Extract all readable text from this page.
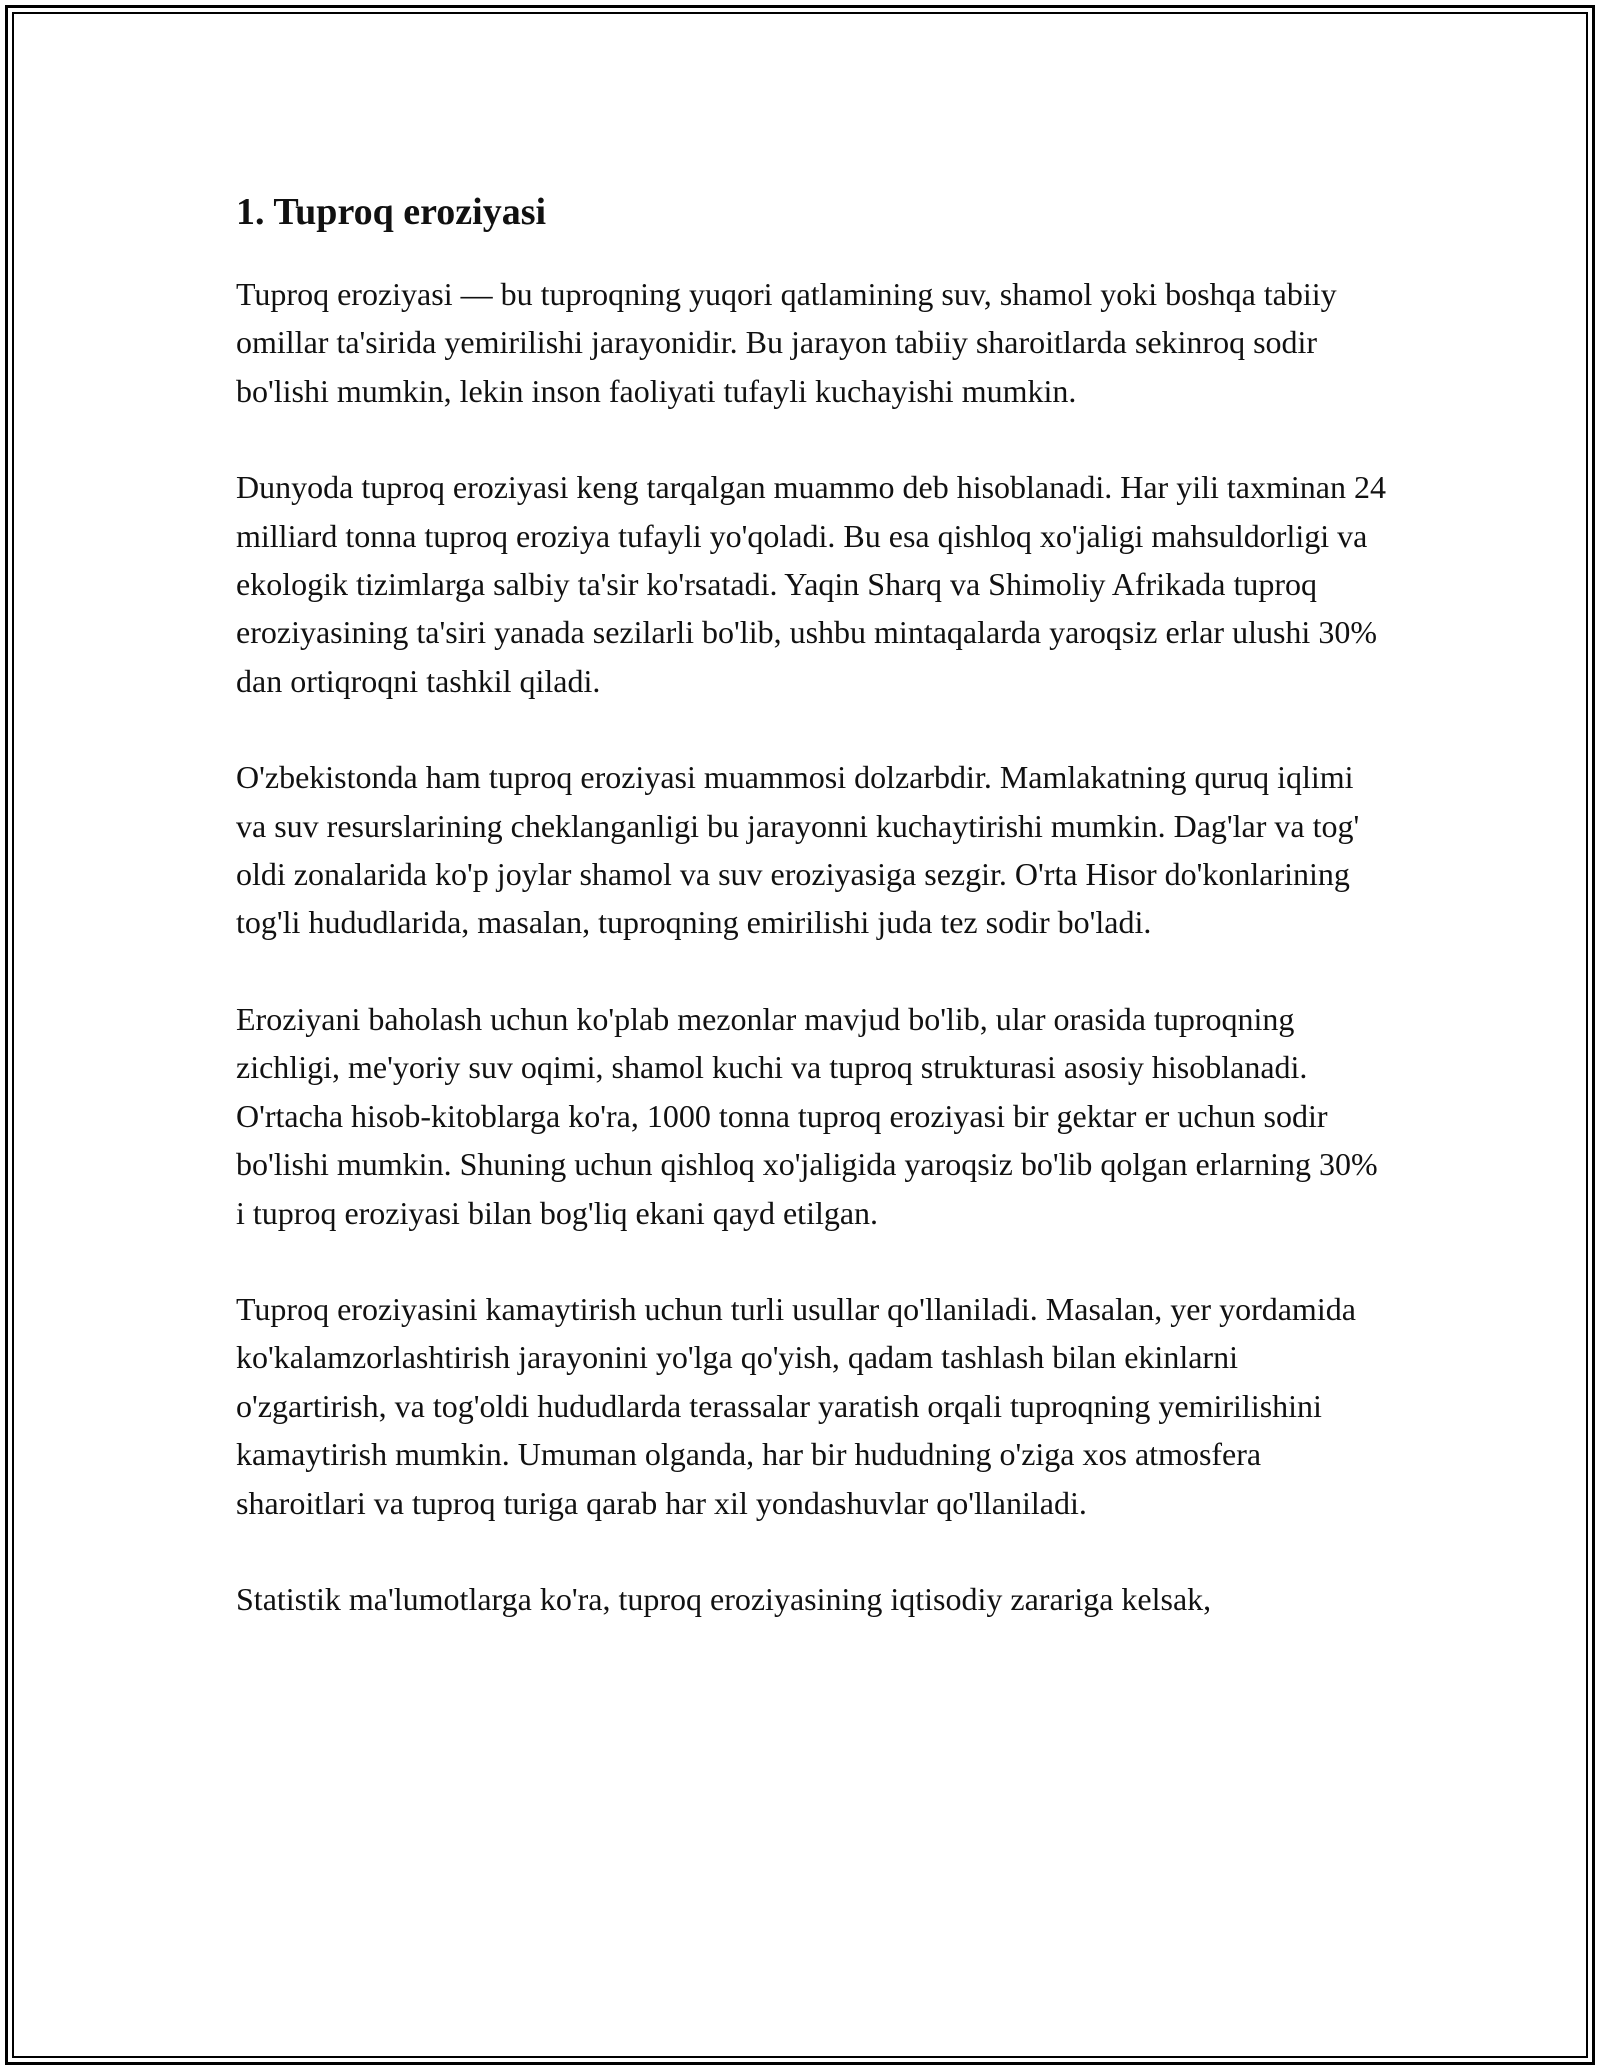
1. Tuproq eroziyasi

Tuproq eroziyasi — bu tuproqning yuqori qatlamining suv, shamol yoki boshqa tabiiy omillar ta'sirida yemirilishi jarayonidir. Bu jarayon tabiiy sharoitlarda sekinroq sodir bo'lishi mumkin, lekin inson faoliyati tufayli kuchayishi mumkin.

Dunyoda tuproq eroziyasi keng tarqalgan muammo deb hisoblanadi. Har yili taxminan 24 milliard tonna tuproq eroziya tufayli yo'qoladi. Bu esa qishloq xo'jaligi mahsuldorligi va ekologik tizimlarga salbiy ta'sir ko'rsatadi. Yaqin Sharq va Shimoliy Afrikada tuproq eroziyasining ta'siri yanada sezilarli bo'lib, ushbu mintaqalarda yaroqsiz erlar ulushi 30% dan ortiqroqni tashkil qiladi.

O'zbekistonda ham tuproq eroziyasi muammosi dolzarbdir. Mamlakatning quruq iqlimi va suv resurslarining cheklanganligi bu jarayonni kuchaytirishi mumkin. Dag'lar va tog' oldi zonalarida ko'p joylar shamol va suv eroziyasiga sezgir. O'rta Hisor do'konlarining tog'li hududlarida, masalan, tuproqning emirilishi juda tez sodir bo'ladi.

Eroziyani baholash uchun ko'plab mezonlar mavjud bo'lib, ular orasida tuproqning zichligi, me'yoriy suv oqimi, shamol kuchi va tuproq strukturasi asosiy hisoblanadi. O'rtacha hisob-kitoblarga ko'ra, 1000 tonna tuproq eroziyasi bir gektar er uchun sodir bo'lishi mumkin. Shuning uchun qishloq xo'jaligida yaroqsiz bo'lib qolgan erlarning 30% i tuproq eroziyasi bilan bog'liq ekani qayd etilgan.

Tuproq eroziyasini kamaytirish uchun turli usullar qo'llaniladi. Masalan, yer yordamida ko'kalamzorlashtirish jarayonini yo'lga qo'yish, qadam tashlash bilan ekinlarni o'zgartirish, va tog'oldi hududlarda terassalar yaratish orqali tuproqning yemirilishini kamaytirish mumkin. Umuman olganda, har bir hududning o'ziga xos atmosfera sharoitlari va tuproq turiga qarab har xil yondashuvlar qo'llaniladi.

Statistik ma'lumotlarga ko'ra, tuproq eroziyasining iqtisodiy zarariga kelsak,
